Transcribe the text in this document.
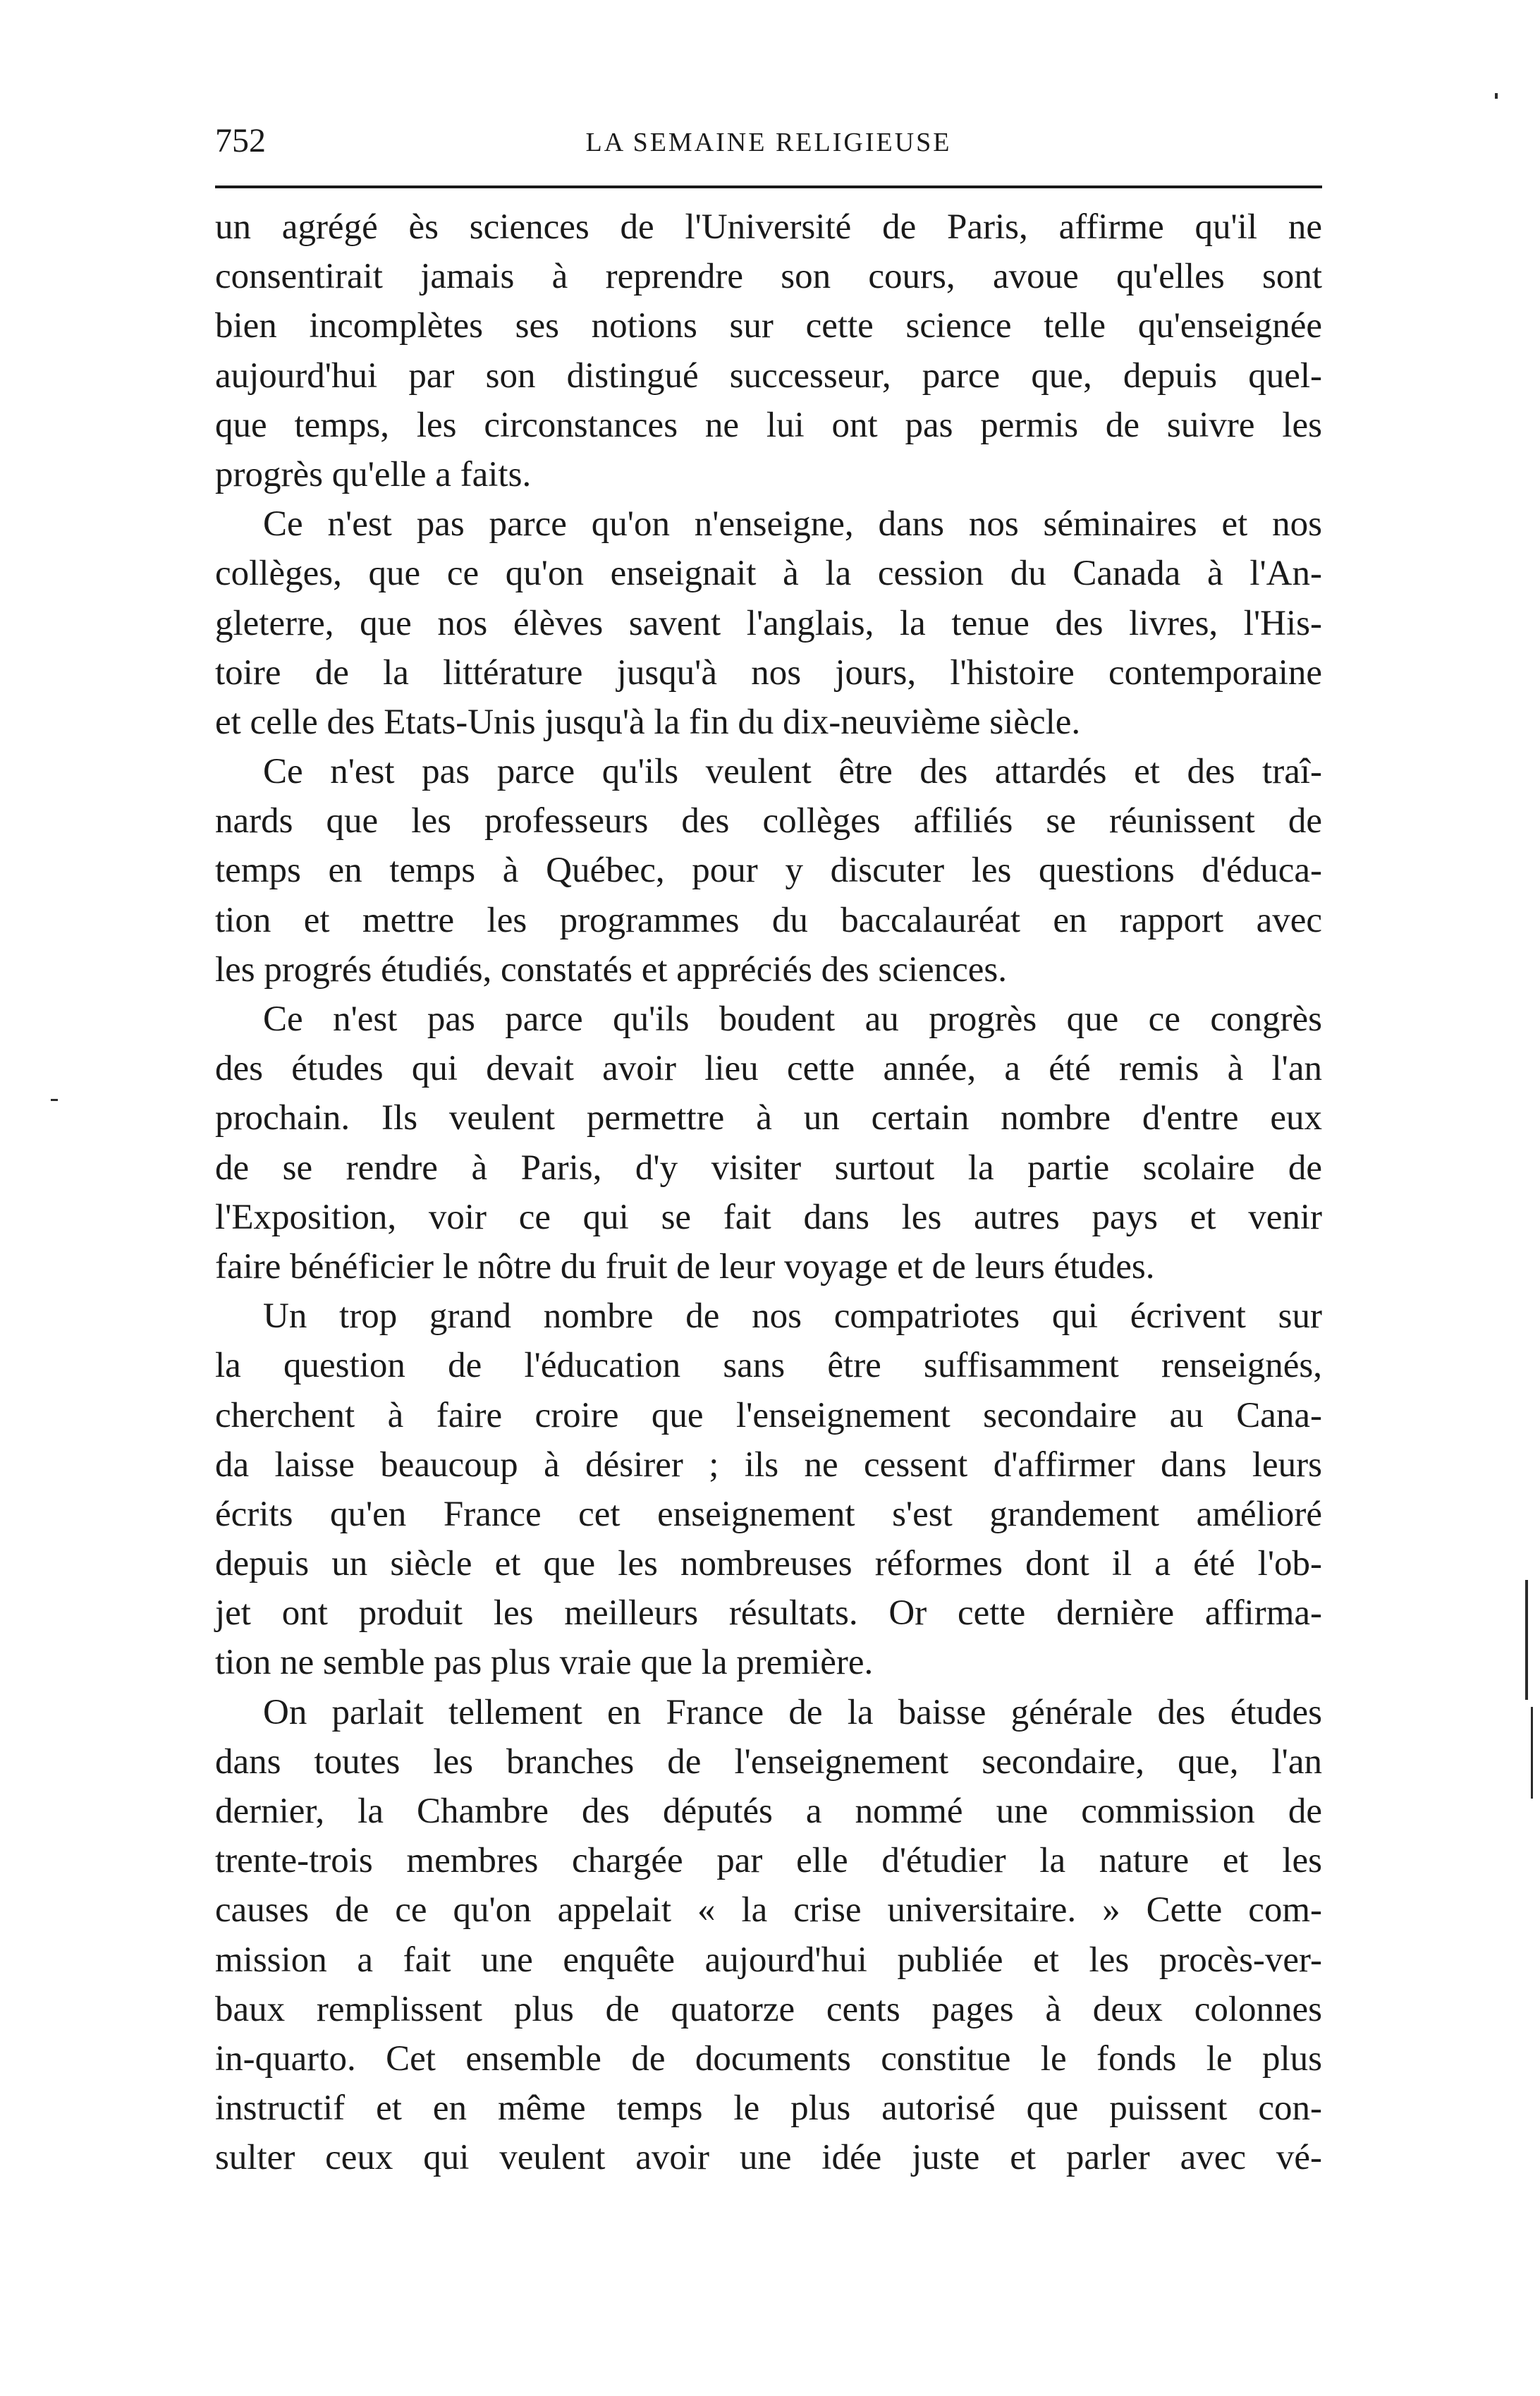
752	LA SEMAINE RELIGIEUSE

un agrégé ès sciences de l'Université de Paris, affirme qu'il ne
consentirait jamais à reprendre son cours, avoue qu'elles sont
bien incomplètes ses notions sur cette science telle qu'enseignée
aujourd'hui par son distingué successeur, parce que, depuis quel-
que temps, les circonstances ne lui ont pas permis de suivre les
progrès qu'elle a faits.

Ce n'est pas parce qu'on n'enseigne, dans nos séminaires et nos
collèges, que ce qu'on enseignait à la cession du Canada à l'An-
gleterre, que nos élèves savent l'anglais, la tenue des livres, l'His-
toire de la littérature jusqu'à nos jours, l'histoire contemporaine
et celle des Etats-Unis jusqu'à la fin du dix-neuvième siècle.

Ce n'est pas parce qu'ils veulent être des attardés et des traî-
nards que les professeurs des collèges affiliés se réunissent de
temps en temps à Québec, pour y discuter les questions d'éduca-
tion et mettre les programmes du baccalauréat en rapport avec
les progrés étudiés, constatés et appréciés des sciences.

Ce n'est pas parce qu'ils boudent au progrès que ce congrès
des études qui devait avoir lieu cette année, a été remis à l'an
prochain. Ils veulent permettre à un certain nombre d'entre eux
de se rendre à Paris, d'y visiter surtout la partie scolaire de
l'Exposition, voir ce qui se fait dans les autres pays et venir
faire bénéficier le nôtre du fruit de leur voyage et de leurs études.

Un trop grand nombre de nos compatriotes qui écrivent sur
la question de l'éducation sans être suffisamment renseignés,
cherchent à faire croire que l'enseignement secondaire au Cana-
da laisse beaucoup à désirer ; ils ne cessent d'affirmer dans leurs
écrits qu'en France cet enseignement s'est grandement amélioré
depuis un siècle et que les nombreuses réformes dont il a été l'ob-
jet ont produit les meilleurs résultats. Or cette dernière affirma-
tion ne semble pas plus vraie que la première.

On parlait tellement en France de la baisse générale des études
dans toutes les branches de l'enseignement secondaire, que, l'an
dernier, la Chambre des députés a nommé une commission de
trente-trois membres chargée par elle d'étudier la nature et les
causes de ce qu'on appelait « la crise universitaire. » Cette com-
mission a fait une enquête aujourd'hui publiée et les procès-ver-
baux remplissent plus de quatorze cents pages à deux colonnes
in-quarto. Cet ensemble de documents constitue le fonds le plus
instructif et en même temps le plus autorisé que puissent con-
sulter ceux qui veulent avoir une idée juste et parler avec vé-
